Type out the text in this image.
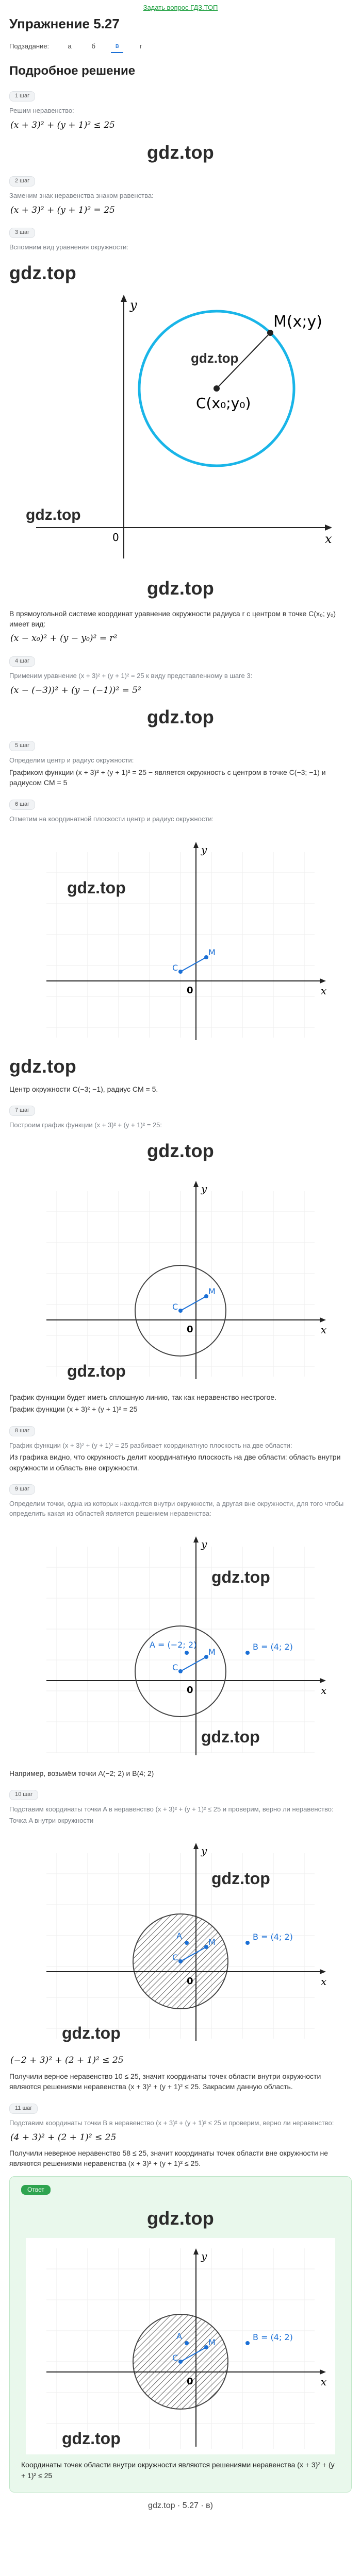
Задать вопрос ГДЗ.ТОП
Упражнение 5.27
Подзадание:	а	б	в	г
Подробное решение
1 шаг

Решим неравенство:

(x + 3)² + (y + 1)² ≤ 25
gdz.top
2 шаг

Заменим знак неравенства знаком равенства:

(x + 3)² + (y + 1)² = 25
3 шаг

Вспомним вид уравнения окружности:

gdz.top
x
y
0
M(x;y)
C(x₀;y₀)
gdz.top
gdz.top
gdz.top

В прямоугольной системе координат уравнение окружности радиуса r с центром в точке C(x₀; y₀) имеет вид:

(x − x₀)² + (y − y₀)² = r²
4 шаг

Применим уравнение (x + 3)² + (y + 1)² = 25 к виду представленному в шаге 3:

(x − (−3))² + (y − (−1))² = 5²
gdz.top
5 шаг

Определим центр и радиус окружности:

Графиком функции (x + 3)² + (y + 1)² = 25 − является окружность с центром в точке C(−3; −1) и радиусом CM = 5

6 шаг

Отметим на координатной плоскости центр и радиус окружности:

C
M
x
y
0
gdz.top
gdz.top

Центр окружности C(−3; −1), радиус CM = 5.

7 шаг

Построим график функции (x + 3)² + (y + 1)² = 25:

gdz.top
C
M
x
y
0
gdz.top

График функции будет иметь сплошную линию, так как неравенство нестрогое.

График функции (x + 3)² + (y + 1)² = 25

8 шаг

График функции (x + 3)² + (y + 1)² = 25 разбивает координатную плоскость на две области:

Из графика видно, что окружность делит координатную плоскость на две области: область внутри окружности и область вне окружности.

9 шаг

Определим точки, одна из которых находится внутри окружности, а другая вне окружности, для того чтобы определить какая из областей является решением неравенства:

C
M
A = (−2; 2)	B = (4; 2)
x
y
0
gdz.top
gdz.top

Например, возьмём точки A(−2; 2) и B(4; 2)

10 шаг

Подставим координаты точки A в неравенство (x + 3)² + (y + 1)² ≤ 25 и проверим, верно ли неравенство:

Точка A внутри окружности

C
M
A	B = (4; 2)
x
y
0
gdz.top
gdz.top
(−2 + 3)² + (2 + 1)² ≤ 25

Получили верное неравенство 10 ≤ 25, значит координаты точек области внутри окружности являются решениями неравенства (x + 3)² + (y + 1)² ≤ 25. Закрасим данную область.

11 шаг

Подставим координаты точки B в неравенство (x + 3)² + (y + 1)² ≤ 25 и проверим, верно ли неравенство:

(4 + 3)² + (2 + 1)² ≤ 25

Получили неверное неравенство 58 ≤ 25, значит координаты точек области вне окружности не являются решениями неравенства (x + 3)² + (y + 1)² ≤ 25.

Ответ
gdz.top
C
M
A	B = (4; 2)
x
y
0
gdz.top

Координаты точек области внутри окружности являются решениями неравенства (x + 3)² + (y + 1)² ≤ 25

gdz.top · 5.27 · в)
